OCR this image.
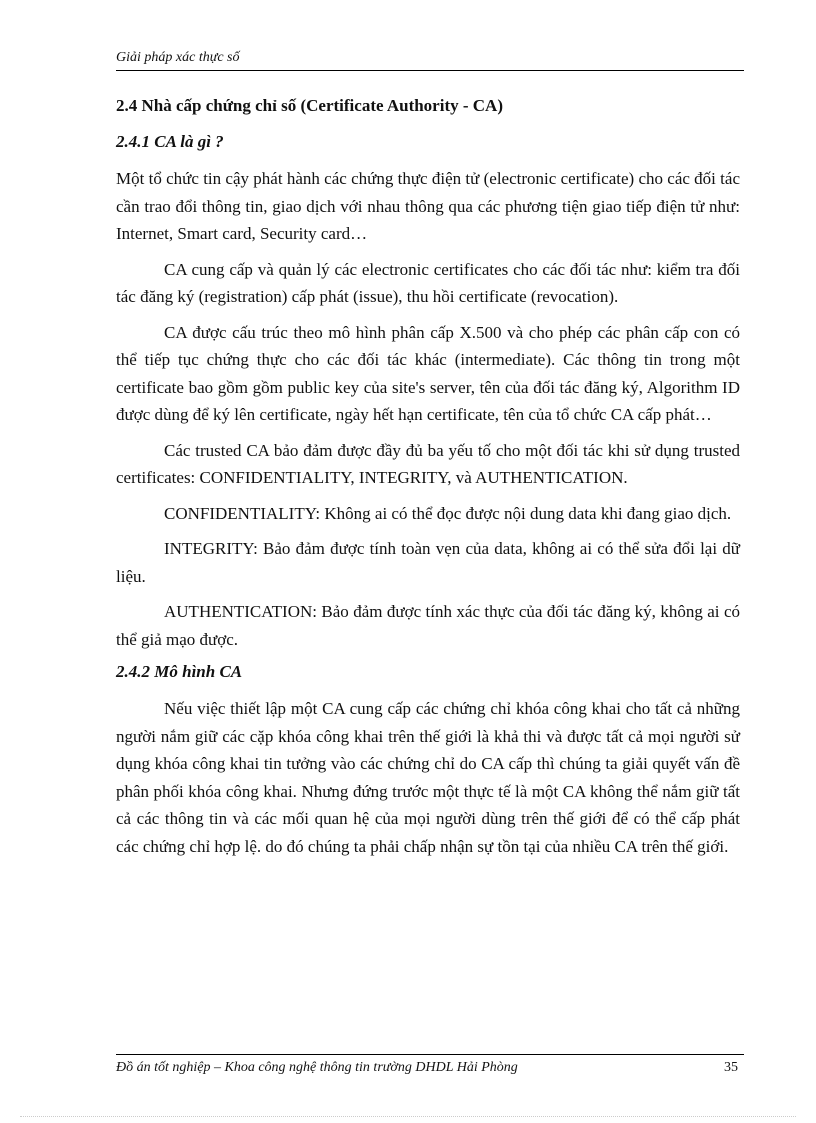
Giải pháp xác thực số
2.4 Nhà cấp chứng chỉ số (Certificate Authority - CA)
2.4.1 CA là gì ?

Một tổ chức tin cậy phát hành các chứng thực điện tử (electronic certificate) cho các đối tác cần trao đổi thông tin, giao dịch với nhau thông qua các phương tiện giao tiếp điện tử như: Internet, Smart card, Security card…

CA cung cấp và quản lý các electronic certificates cho các đối tác như: kiểm tra đối tác đăng ký (registration) cấp phát (issue), thu hồi certificate (revocation).

CA được cấu trúc theo mô hình phân cấp X.500 và cho phép các phân cấp con có thể tiếp tục chứng thực cho các đối tác khác (intermediate). Các thông tin trong một certificate bao gồm gồm public key của site's server, tên của đối tác đăng ký, Algorithm ID được dùng để ký lên certificate, ngày hết hạn certificate, tên của tổ chức CA cấp phát…

Các trusted CA bảo đảm được đầy đủ ba yếu tố cho một đối tác khi sử dụng trusted certificates: CONFIDENTIALITY, INTEGRITY, và AUTHENTICATION.

CONFIDENTIALITY: Không ai có thể đọc được nội dung data khi đang giao dịch.

INTEGRITY: Bảo đảm được tính toàn vẹn của data, không ai có thể sửa đổi lại dữ liệu.

AUTHENTICATION: Bảo đảm được tính xác thực của đối tác đăng ký, không ai có thể giả mạo được.

2.4.2 Mô hình CA

Nếu việc thiết lập một CA cung cấp các chứng chỉ khóa công khai cho tất cả những người nắm giữ các cặp khóa công khai trên thế giới là khả thi và được tất cả mọi người sử dụng khóa công khai tin tưởng vào các chứng chỉ do CA cấp thì chúng ta giải quyết vấn đề phân phối khóa công khai. Nhưng đứng trước một thực tế là một CA không thể nắm giữ tất cả các thông tin và các mối quan hệ của mọi người dùng trên thế giới để có thể cấp phát các chứng chỉ hợp lệ. do đó chúng ta phải chấp nhận sự tồn tại của nhiều CA trên thế giới.

Đồ án tốt nghiệp – Khoa công nghệ thông tin trường DHDL Hải Phòng	35
